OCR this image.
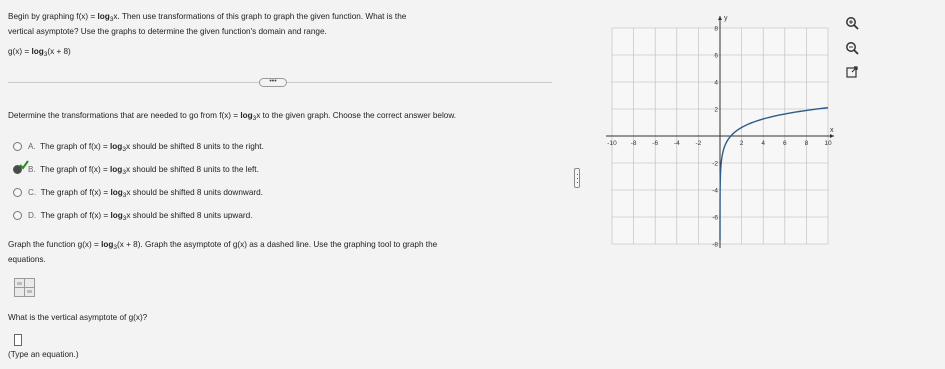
Begin by graphing $f(x) = \log_3x$. Then use transformations of this graph to graph the given function. What is the
vertical asymptote? Use the graphs to determine the given function's domain and range.
$g(x) = \log_3(x + 8)$
•••
Determine the transformations that are needed to go from $f(x) = \log_3x$ to the given graph. Choose the correct answer below.
A. The graph of $f(x) = \log_3x$ should be shifted 8 units to the right.
B. The graph of $f(x) = \log_3x$ should be shifted 8 units to the left.
C. The graph of $f(x) = \log_3x$ should be shifted 8 units downward.
D. The graph of $f(x) = \log_3x$ should be shifted 8 units upward.
Graph the function $g(x) = \log_3(x + 8)$. Graph the asymptote of g(x) as a dashed line. Use the graphing tool to graph the
equations.
What is the vertical asymptote of g(x)?
(Type an equation.)
x
y
-10 -8 -6 -4 -2	2	4	6	8 10
8
6
4
2
-2
-4
-6
-8
